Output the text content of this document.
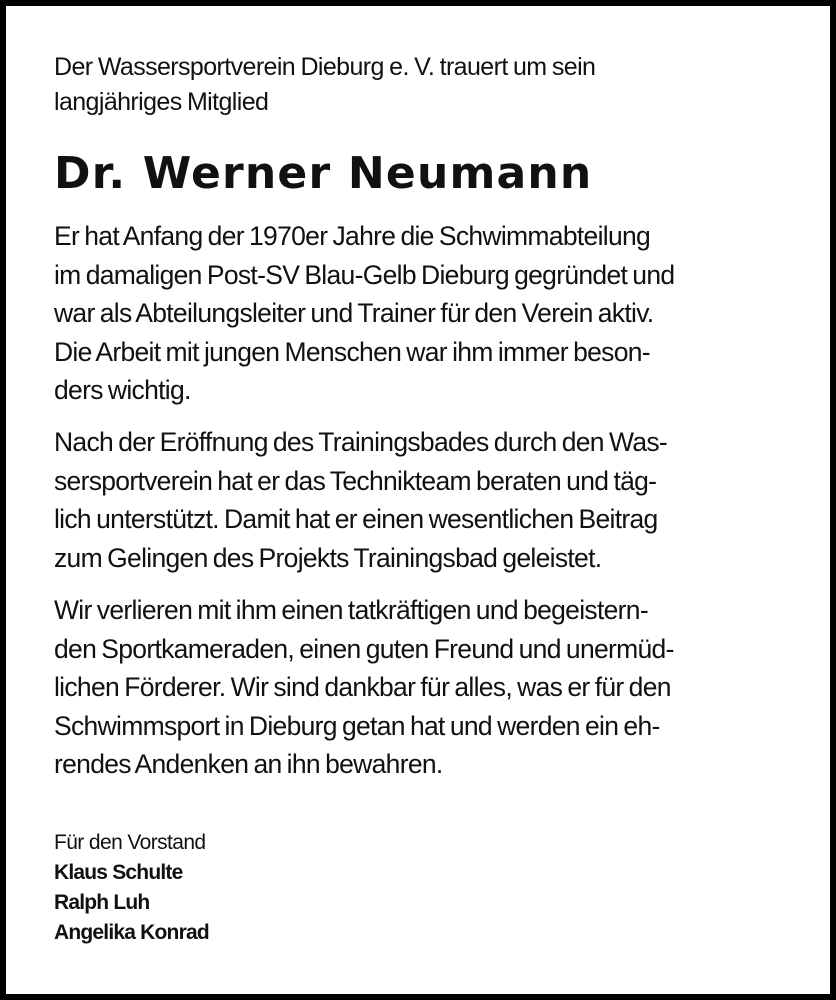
Der Wassersportverein Dieburg e. V. trauert um sein
langjähriges Mitglied
Dr. Werner Neumann
Er hat Anfang der 1970er Jahre die Schwimmabteilung
im damaligen Post-SV Blau-Gelb Dieburg gegründet und
war als Abteilungsleiter und Trainer für den Verein aktiv.
Die Arbeit mit jungen Menschen war ihm immer beson-
ders wichtig.
Nach der Eröffnung des Trainingsbades durch den Was-
sersportverein hat er das Technikteam beraten und täg-
lich unterstützt. Damit hat er einen wesentlichen Beitrag
zum Gelingen des Projekts Trainingsbad geleistet.
Wir verlieren mit ihm einen tatkräftigen und begeistern-
den Sportkameraden, einen guten Freund und unermüd-
lichen Förderer. Wir sind dankbar für alles, was er für den
Schwimmsport in Dieburg getan hat und werden ein eh-
rendes Andenken an ihn bewahren.
Für den Vorstand
Klaus Schulte
Ralph Luh
Angelika Konrad
